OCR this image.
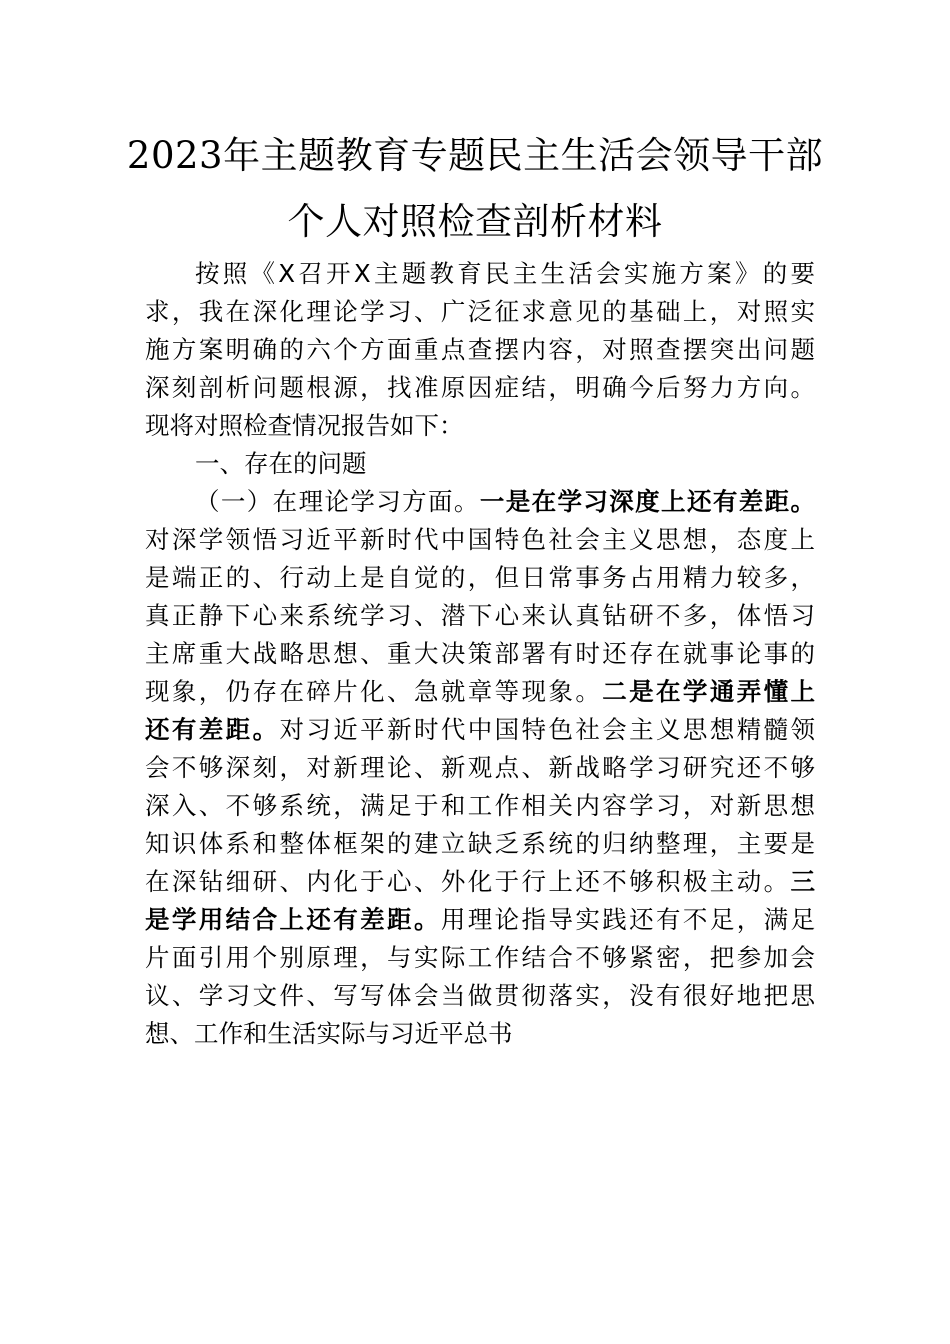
2023年主题教育专题民主生活会领导干部
个人对照检查剖析材料
按照《X召开X主题教育民主生活会实施方案》的要
求，我在深化理论学习、广泛征求意见的基础上，对照实
施方案明确的六个方面重点查摆内容，对照查摆突出问题
深刻剖析问题根源，找准原因症结，明确今后努力方向。
现将对照检查情况报告如下：
一、存在的问题
（一）在理论学习方面。一是在学习深度上还有差距。
对深学领悟习近平新时代中国特色社会主义思想，态度上
是端正的、行动上是自觉的，但日常事务占用精力较多，
真正静下心来系统学习、潜下心来认真钻研不多，体悟习
主席重大战略思想、重大决策部署有时还存在就事论事的
现象，仍存在碎片化、急就章等现象。二是在学通弄懂上
还有差距。对习近平新时代中国特色社会主义思想精髓领
会不够深刻，对新理论、新观点、新战略学习研究还不够
深入、不够系统，满足于和工作相关内容学习，对新思想
知识体系和整体框架的建立缺乏系统的归纳整理，主要是
在深钻细研、内化于心、外化于行上还不够积极主动。三
是学用结合上还有差距。用理论指导实践还有不足，满足
片面引用个别原理，与实际工作结合不够紧密，把参加会
议、学习文件、写写体会当做贯彻落实，没有很好地把思
想、工作和生活实际与习近平总书
